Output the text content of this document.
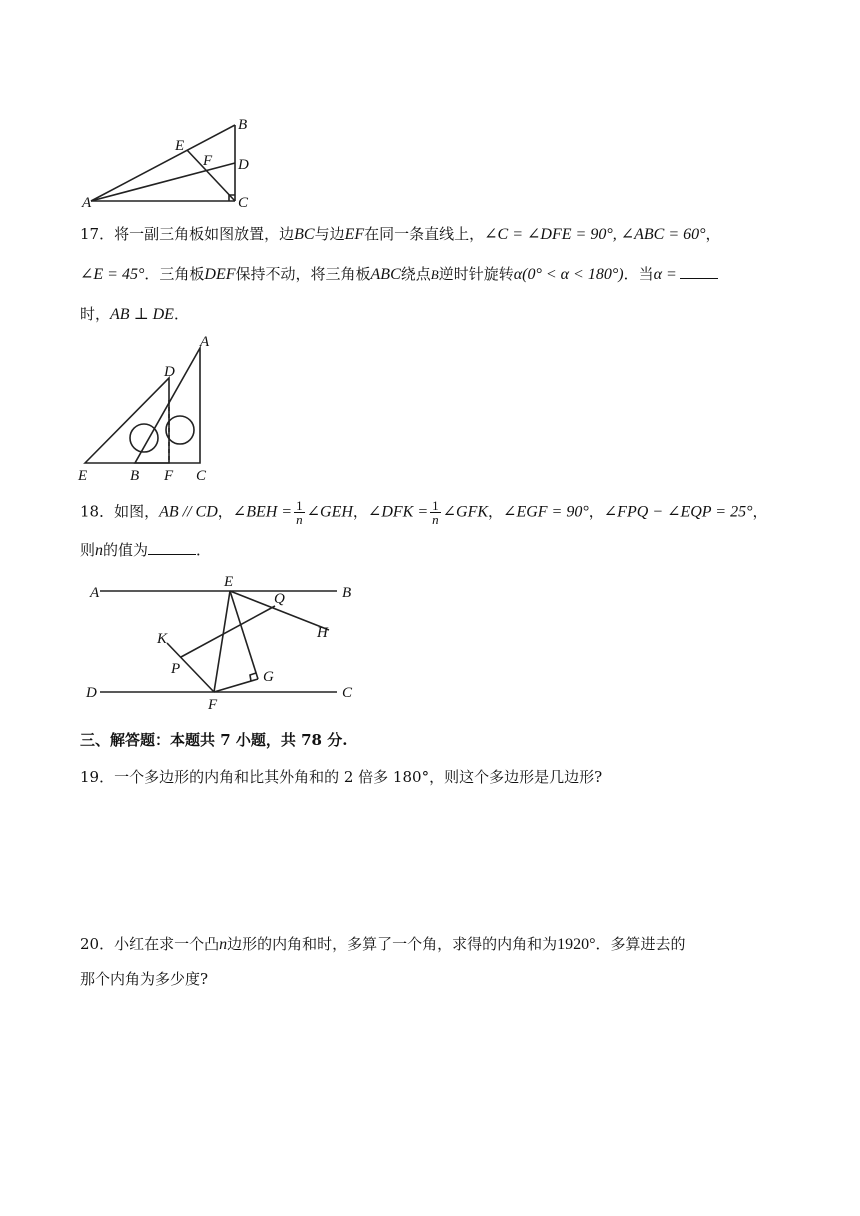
A
B
C
D
E
F
17．将一副三角板如图放置，边BC与边EF在同一条直线上，∠C = ∠DFE = 90°, ∠ABC = 60°，
∠E = 45°．三角板DEF保持不动，将三角板ABC绕点B逆时针旋转α(0° < α < 180°)．当α =
时，AB ⊥ DE．
A
D
E	B F C
18．如图，AB // CD，∠BEH = $\frac{1}{n}$ ∠GEH，∠DFK = $\frac{1}{n}$ ∠GFK，∠EGF = 90°，∠FPQ − ∠EQP = 25°，
则n的值为	．
A
E
B
Q
K	H
P	G
D
F
C
三、解答题：本题共 7 小题，共 78 分.
19．一个多边形的内角和比其外角和的 2 倍多 180°，则这个多边形是几边形?
20．小红在求一个凸n边形的内角和时，多算了一个角，求得的内角和为1920°．多算进去的
那个内角为多少度?
